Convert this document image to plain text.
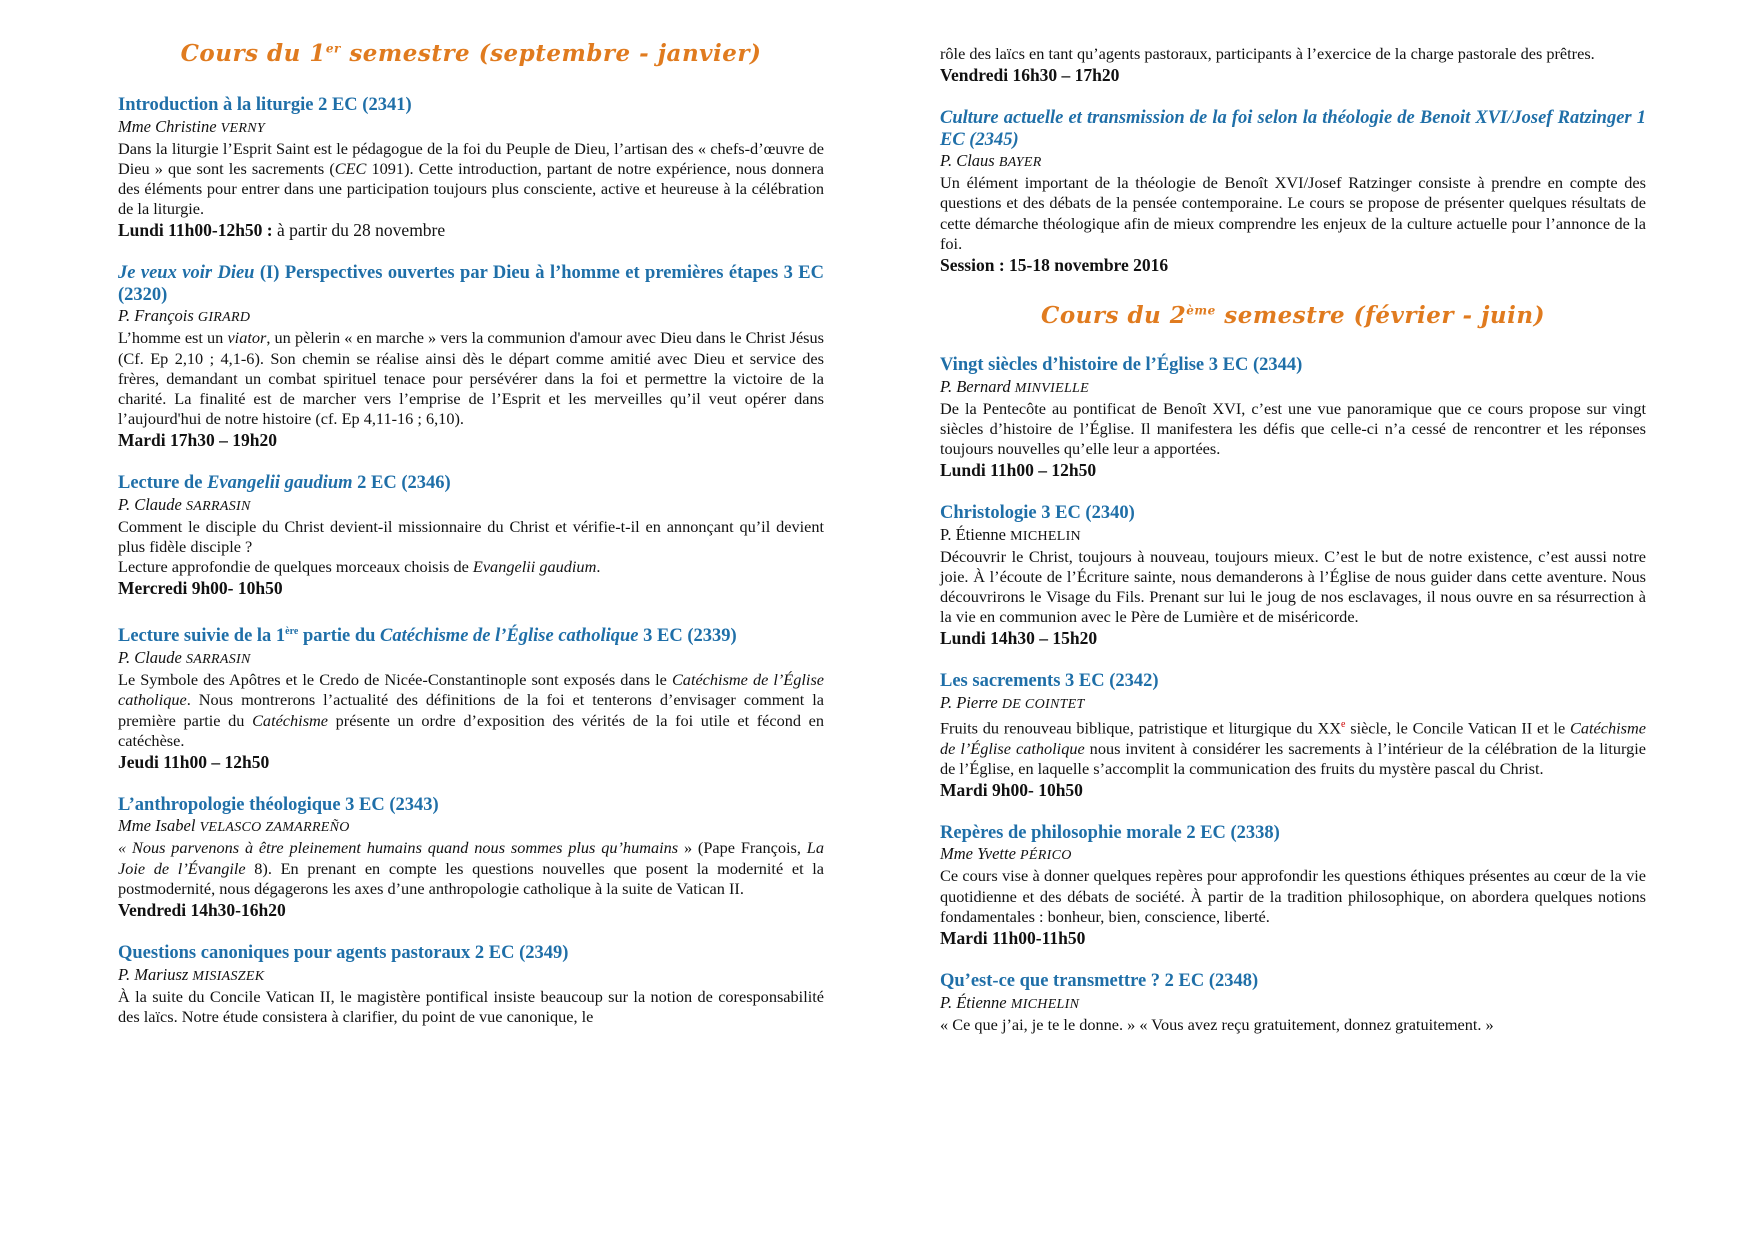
Cours du 1er semestre (septembre - janvier)

Introduction à la liturgie 2 EC (2341)

Mme Christine VERNY

Dans la liturgie l’Esprit Saint est le pédagogue de la foi du Peuple de Dieu, l’artisan des « chefs-d’œuvre de Dieu » que sont les sacrements (CEC 1091). Cette introduction, partant de notre expérience, nous donnera des éléments pour entrer dans une participation toujours plus consciente, active et heureuse à la célébration de la liturgie.

Lundi 11h00-12h50 : à partir du 28 novembre

Je veux voir Dieu (I) Perspectives ouvertes par Dieu à l’homme et premières étapes 3 EC (2320)

P. François GIRARD

L’homme est un viator, un pèlerin « en marche » vers la communion d'amour avec Dieu dans le Christ Jésus (Cf. Ep 2,10 ; 4,1-6). Son chemin se réalise ainsi dès le départ comme amitié avec Dieu et service des frères, demandant un combat spirituel tenace pour persévérer dans la foi et permettre la victoire de la charité. La finalité est de marcher vers l’emprise de l’Esprit et les merveilles qu’il veut opérer dans l’aujourd'hui de notre histoire (cf. Ep 4,11-16 ; 6,10).

Mardi 17h30 – 19h20

Lecture de Evangelii gaudium 2 EC (2346)

P. Claude SARRASIN

Comment le disciple du Christ devient-il missionnaire du Christ et vérifie-t-il en annonçant qu’il devient plus fidèle disciple ?

Lecture approfondie de quelques morceaux choisis de Evangelii gaudium.

Mercredi 9h00- 10h50

Lecture suivie de la 1ère partie du Catéchisme de l’Église catholique 3 EC (2339)

P. Claude SARRASIN

Le Symbole des Apôtres et le Credo de Nicée-Constantinople sont exposés dans le Catéchisme de l’Église catholique. Nous montrerons l’actualité des définitions de la foi et tenterons d’envisager comment la première partie du Catéchisme présente un ordre d’exposition des vérités de la foi utile et fécond en catéchèse.

Jeudi 11h00 – 12h50

L’anthropologie théologique 3 EC (2343)

Mme Isabel VELASCO ZAMARREÑO

« Nous parvenons à être pleinement humains quand nous sommes plus qu’humains » (Pape François, La Joie de l’Évangile 8). En prenant en compte les questions nouvelles que posent la modernité et la postmodernité, nous dégagerons les axes d’une anthropologie catholique à la suite de Vatican II.

Vendredi 14h30-16h20

Questions canoniques pour agents pastoraux 2 EC (2349)

P. Mariusz MISIASZEK

À la suite du Concile Vatican II, le magistère pontifical insiste beaucoup sur la notion de coresponsabilité des laïcs. Notre étude consistera à clarifier, du point de vue canonique, le

rôle des laïcs en tant qu’agents pastoraux, participants à l’exercice de la charge pastorale des prêtres.

Vendredi 16h30 – 17h20

Culture actuelle et transmission de la foi selon la théologie de Benoit XVI/Josef Ratzinger 1 EC (2345)

P. Claus BAYER

Un élément important de la théologie de Benoît XVI/Josef Ratzinger consiste à prendre en compte des questions et des débats de la pensée contemporaine. Le cours se propose de présenter quelques résultats de cette démarche théologique afin de mieux comprendre les enjeux de la culture actuelle pour l’annonce de la foi.

Session : 15-18 novembre 2016

Cours du 2ème semestre (février - juin)

Vingt siècles d’histoire de l’Église 3 EC (2344)

P. Bernard MINVIELLE

De la Pentecôte au pontificat de Benoît XVI, c’est une vue panoramique que ce cours propose sur vingt siècles d’histoire de l’Église. Il manifestera les défis que celle-ci n’a cessé de rencontrer et les réponses toujours nouvelles qu’elle leur a apportées.

Lundi 11h00 – 12h50

Christologie 3 EC (2340)

P. Étienne MICHELIN

Découvrir le Christ, toujours à nouveau, toujours mieux. C’est le but de notre existence, c’est aussi notre joie. À l’écoute de l’Écriture sainte, nous demanderons à l’Église de nous guider dans cette aventure. Nous découvrirons le Visage du Fils. Prenant sur lui le joug de nos esclavages, il nous ouvre en sa résurrection à la vie en communion avec le Père de Lumière et de miséricorde.

Lundi 14h30 – 15h20

Les sacrements 3 EC (2342)

P. Pierre DE COINTET

Fruits du renouveau biblique, patristique et liturgique du XXe siècle, le Concile Vatican II et le Catéchisme de l’Église catholique nous invitent à considérer les sacrements à l’intérieur de la célébration de la liturgie de l’Église, en laquelle s’accomplit la communication des fruits du mystère pascal du Christ.

Mardi 9h00- 10h50

Repères de philosophie morale 2 EC (2338)

Mme Yvette PÉRICO

Ce cours vise à donner quelques repères pour approfondir les questions éthiques présentes au cœur de la vie quotidienne et des débats de société. À partir de la tradition philosophique, on abordera quelques notions fondamentales : bonheur, bien, conscience, liberté.

Mardi 11h00-11h50

Qu’est-ce que transmettre ? 2 EC (2348)

P. Étienne MICHELIN

« Ce que j’ai, je te le donne. » « Vous avez reçu gratuitement, donnez gratuitement. »
